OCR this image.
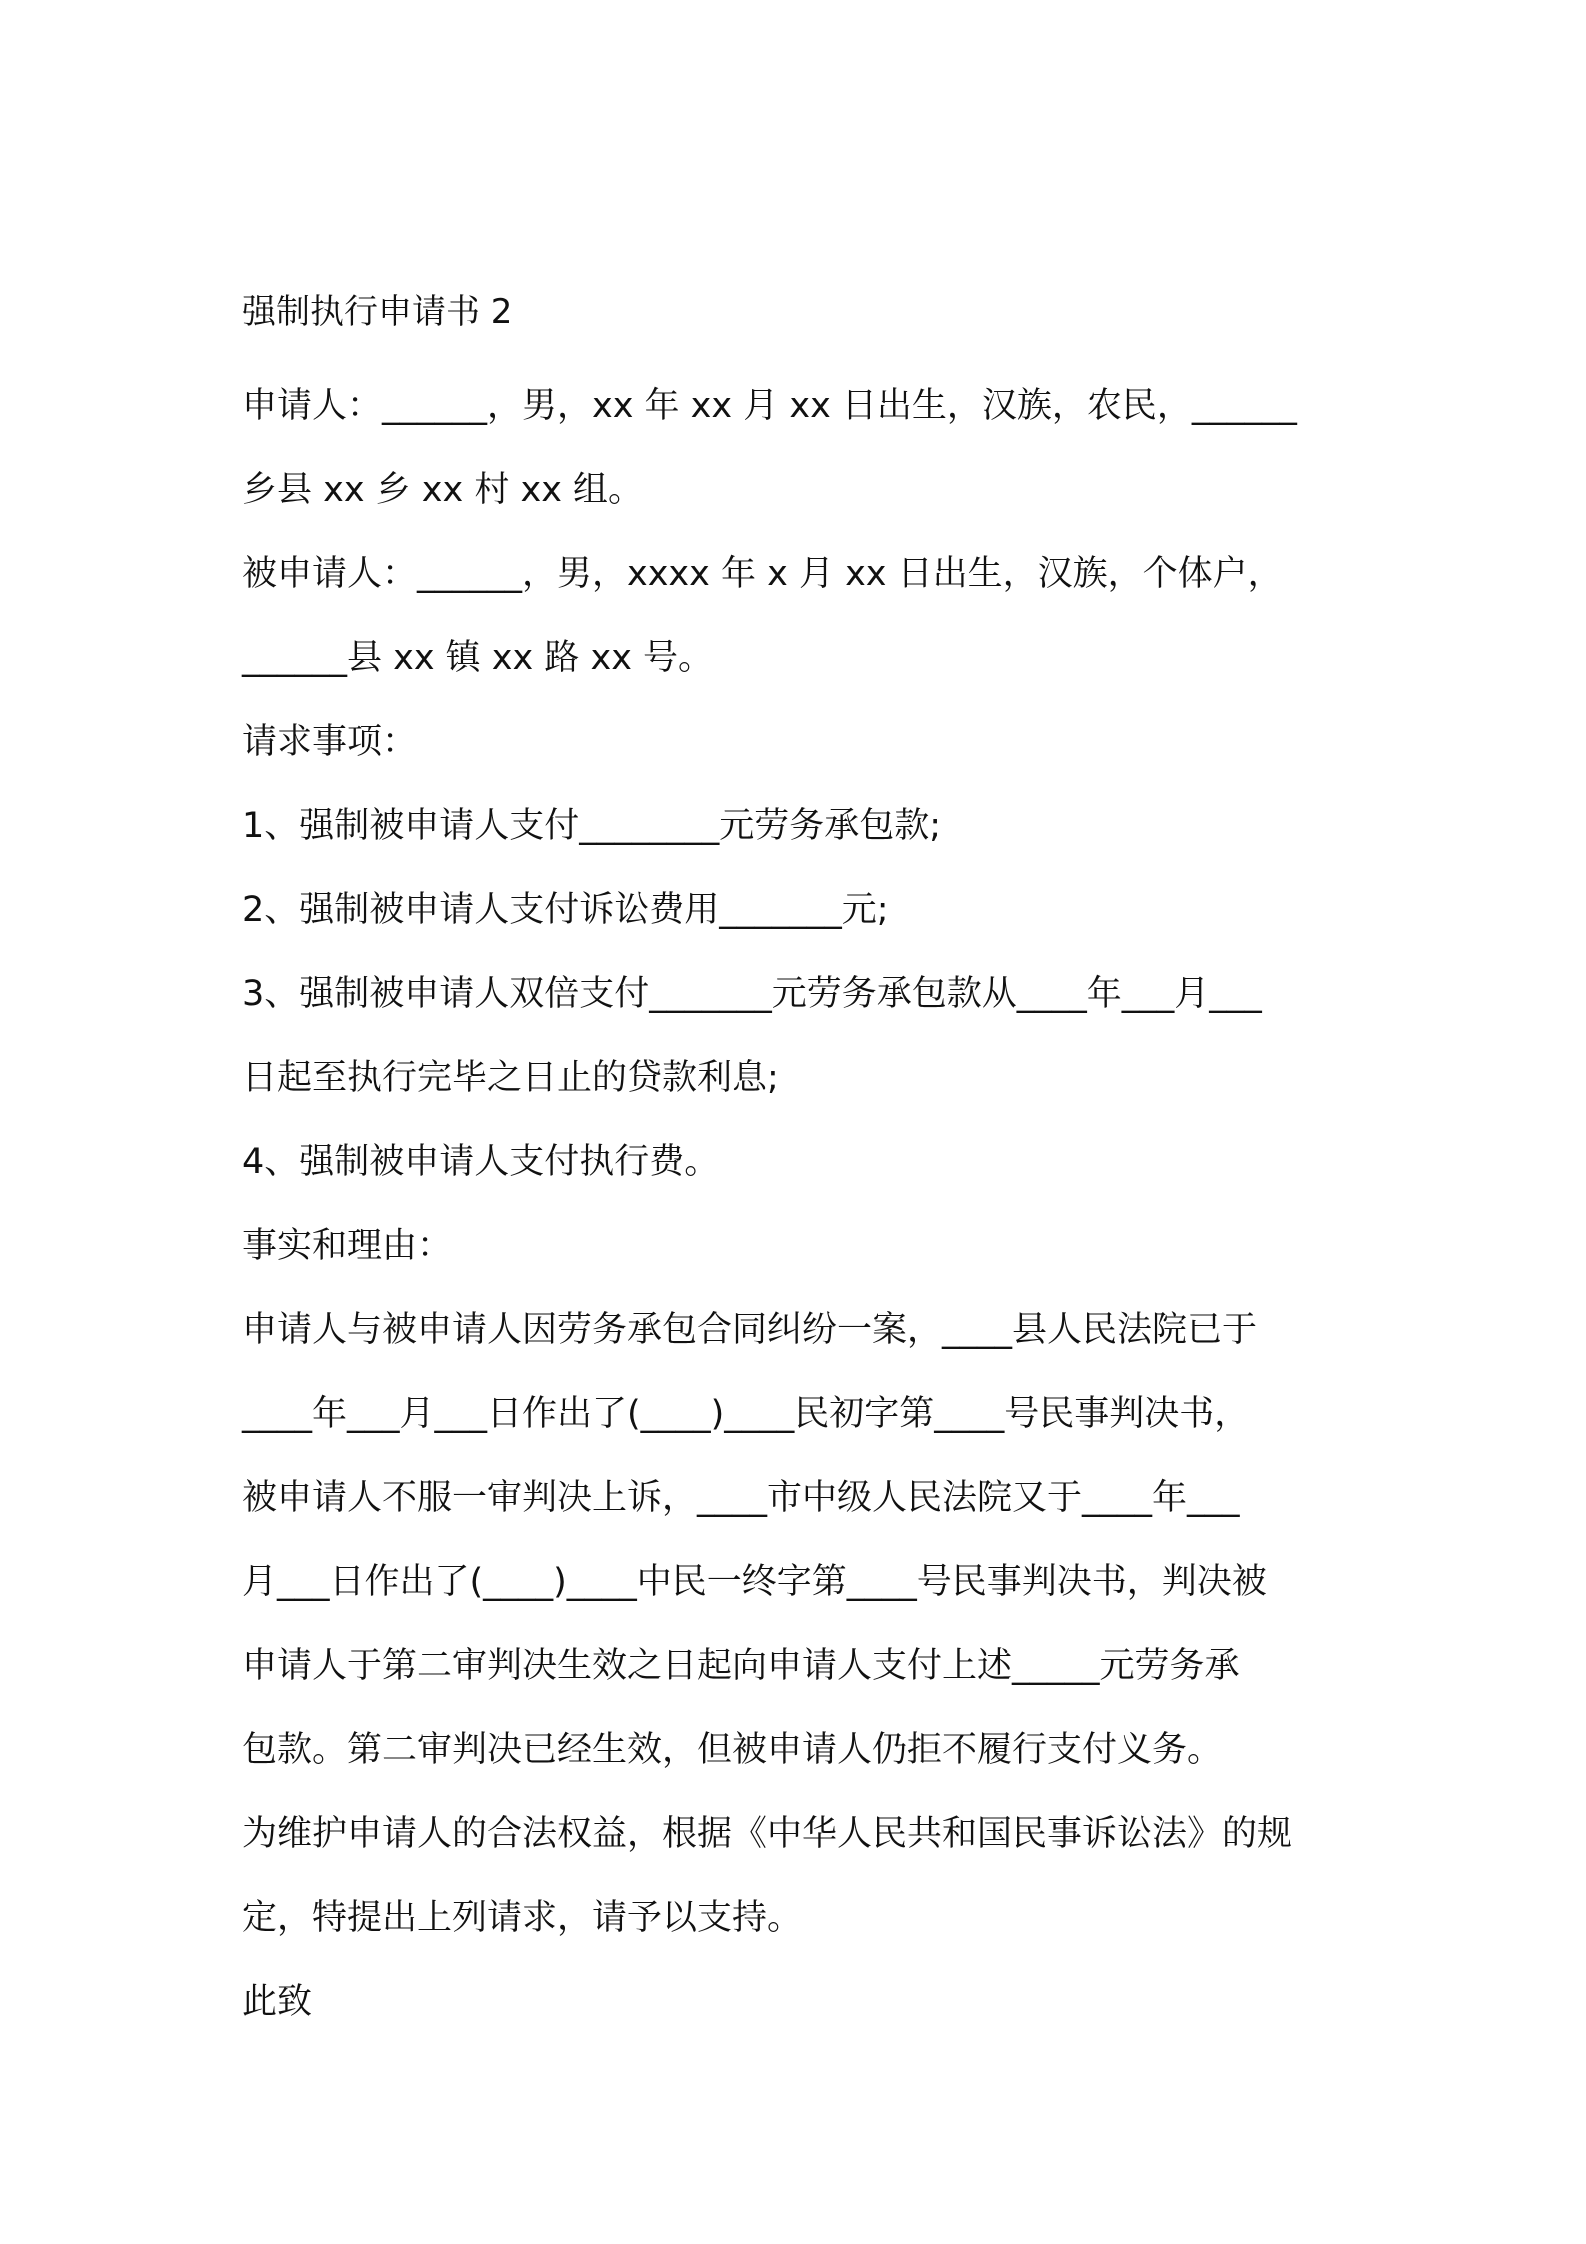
强制执行申请书 2
申请人：______，男，xx 年 xx 月 xx 日出生，汉族，农民，______
乡县 xx 乡 xx 村 xx 组。
被申请人：______，男，xxxx 年 x 月 xx 日出生，汉族，个体户，
______县 xx 镇 xx 路 xx 号。
请求事项：
1、强制被申请人支付________元劳务承包款;
2、强制被申请人支付诉讼费用_______元;
3、强制被申请人双倍支付_______元劳务承包款从____年___月___
日起至执行完毕之日止的贷款利息;
4、强制被申请人支付执行费。
事实和理由：
申请人与被申请人因劳务承包合同纠纷一案，____县人民法院已于
____年___月___日作出了(____)____民初字第____号民事判决书，
被申请人不服一审判决上诉，____市中级人民法院又于____年___
月___日作出了(____)____中民一终字第____号民事判决书，判决被
申请人于第二审判决生效之日起向申请人支付上述_____元劳务承
包款。第二审判决已经生效，但被申请人仍拒不履行支付义务。
为维护申请人的合法权益，根据《中华人民共和国民事诉讼法》的规
定，特提出上列请求，请予以支持。
此致
